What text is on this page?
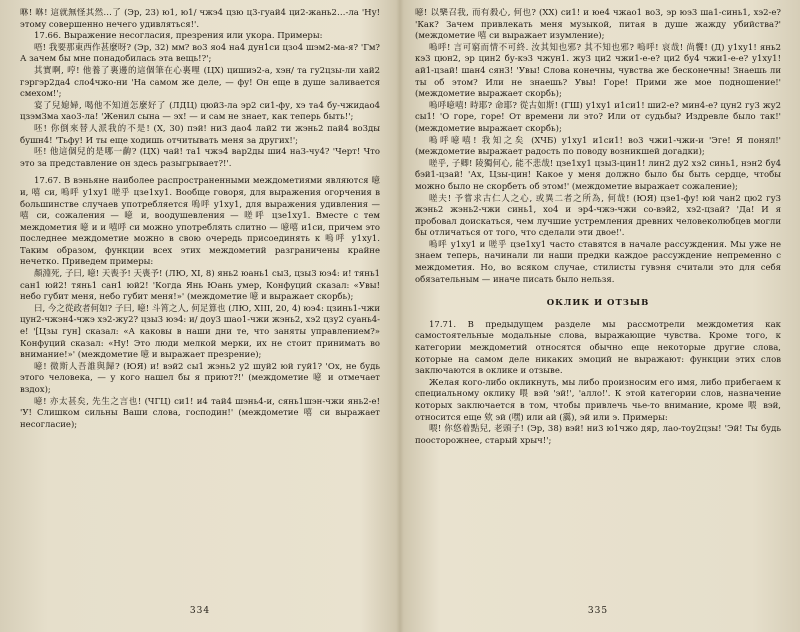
咻! 咻! 這就無怪其然…了 (Эр, 23) ю1, ю1/ чжэ4 цзю ц3-гуай4 ци2-жань2…-ла 'Ну! этому совершенно нечего удивляться!'.

17.66. Выражение несогласия, презрения или укора. Примеры:

唔! 我要那東西作甚麼呀? (Эр, 32) мм? во3 яо4 на4 дун1си цзо4 шэм2-ма-я? 'Гм? А зачем бы мне понадобилась эта вещь!?';

其實啊, 哼! 他養了裏邊的這個筆在心裏哩 (ЦХ) цишиэ2-а, хэн/ та гу2цзы-ли хай2 гэргэр2да4 сло4чжо-ни 'На самом же деле, — фу! Он еще в душе заливается смехом!';

宴了兒媳婦, 喝他不知道怎麼好了 (ЛДЦ) цюй3-ла эр2 си1-фу, хэ та4 бу-чжидао4 цзэм3ма хао3-ла! 'Женил сына — эх! — и сам не знает, как теперь быть!';

呸! 你倒來替人派我的不是! (Х, 30) пэй! ни3 дао4 лай2 ти жэнь2 пай4 во3ды бушн4! 'Тьфу! И ты еще ходишь отчитывать меня за других!';

呸! 他這個兒的是哪一齣? (ЦХ) чай! та1 чжэ4 вар2ды ши4 на3-чу4? 'Черт! Что это за представление он здесь разыгрывает?!'.

17.67. В вэньяне наиболее распространенными междометиями являются 噫 и, 嘻 си, 嗚呼 у1ху1 嗟乎 цзе1ху1. Вообще говоря, для выражения огорчения в большинстве случаев употребляется 嗚呼 у1ху1, для выражения удивления — 嘻 си, сожаления — 噫 и, воодушевления — 嗟呼 цзе1ху1. Вместе с тем междометия 噫 и и 嘻呼 си можно употреблять слитно — 噫嘻 и1си, причем это последнее междометие можно в свою очередь присоединять к 嗚呼 у1ху1. Таким образом, функции всех этих междометий разграничены крайне нечетко. Приведем примеры:

顏淵死, 子曰, 噫! 天喪予! 天喪予! (ЛЮ, XI, 8) янь2 юань1 сы3, цзы3 юэ4: и! тянь1 сан1 юй2! тянь1 сан1 юй2! 'Когда Янь Юань умер, Конфуций сказал: «Увы! небо губит меня, небо губит меня!»' (междометие 噫 и выражает скорбь);

曰, 今之從政者何如? 子曰, 噫! 斗筲之人, 何足算也 (ЛЮ, XIII, 20, 4) юэ4: цзинь1-чжи цун2-чжэн4-чжэ хэ2-жу2? цзы3 юэ4: и/ доу3 шао1-чжи жэнь2, хэ2 цзу2 суань4-е! '[Цзы гун] сказал: «А каковы в наши дни те, что заняты управлением?» Конфуций сказал: «Ну! Это люди мелкой мерки, их не стоит принимать во внимание!»' (междометие 噫 и выражает презрение);

噫! 微斯人吾誰與歸? (ЮЯ) и! вэй2 сы1 жэнь2 у2 шуй2 юй гуй1? 'Ох, не будь этого человека, — у кого нашел бы я приют?!' (междометие 噫 и отмечает вздох);

噫! 亦太甚矣, 先生之言也! (ЧГЦ) си1! и4 тай4 шэнь4-и, сянь1шэн-чжи янь2-е! 'У! Слишком сильны Ваши слова, господин!' (междометие 嘻 си выражает несогласие);

334

噫! 以樂召我, 而有殺心, 何也? (ХХ) си1! и юе4 чжао1 во3, эр юэ3 ша1-синь1, хэ2-е? 'Как? Зачем привлекать меня музыкой, питая в душе жажду убийства?' (междометие 嘻 си выражает изумление);

嗚呼! 言可窮而情不可終. 汝其知也邪? 其不知也邪? 嗚呼! 哀哉! 尚饗! (Д) у1ху1! янь2 кэ3 цюн2, эр цин2 бу-кэ3 чжун1. жу3 ци2 чжи1-е-е? ци2 бу4 чжи1-е-е? у1ху1! ай1-цзай! шан4 сян3! 'Увы! Слова конечны, чувства же бесконечны! Знаешь ли ты об этом? Или не знаешь? Увы! Горе! Прими же мое подношение!' (междометие выражает скорбь);

嗚呼噫嘻! 時耶? 命耶? 從古如斯! (ГШ) у1ху1 и1си1! ши2-е? мин4-е? цун2 гу3 жу2 сы1! 'О горе, горе! От времени ли это? Или от судьбы? Издревле было так!' (междометие выражает скорбь);

嗚呼噫嘻! 我知之矣 (ХЧБ) у1ху1 и1си1! во3 чжи1-чжи-и 'Эге! Я понял!' (междометие выражает радость по поводу возникшей догадки);

嗟乎, 子卿! 陵獨何心, 能不悲哉! цзе1ху1 цзы3-цин1! лин2 ду2 хэ2 синь1, нэн2 бу4 бэй1-цзай! 'Ах, Цзы-цин! Какое у меня должно было бы быть сердце, чтобы можно было не скорбеть об этом!' (междометие выражает сожаление);

嗟夫! 予嘗求古仁人之心, 或異二者之所為, 何哉! (ЮЯ) цзе1-фу! юй чан2 цю2 гу3 жэнь2 жэнь2-чжи синь1, хо4 и эр4-чжэ-чжи со-вэй2, хэ2-цзай? 'Да! И я пробовал доискаться, чем лучшие устремления древних человеколюбцев могли бы отличаться от того, что сделали эти двое!'.

嗚呼 у1ху1 и 嗟乎 цзе1ху1 часто ставятся в начале рассуждения. Мы уже не знаем теперь, начинали ли наши предки каждое рассуждение непременно с междометия. Но, во всяком случае, стилисты гувэня считали это для себя обязательным — иначе писать было нельзя.

ОКЛИК И ОТЗЫВ

17.71. В предыдущем разделе мы рассмотрели междометия как самостоятельные модальные слова, выражающие чувства. Кроме того, к категории междометий относятся обычно еще некоторые другие слова, которые на самом деле никаких эмоций не выражают: функции этих слов заключаются в оклике и отзыве.

Желая кого-либо окликнуть, мы либо произносим его имя, либо прибегаем к специальному оклику 喂 вэй 'эй!', 'алло!'. К этой категории слов, назначение которых заключается в том, чтобы привлечь чье-то внимание, кроме 喂 вэй, относится еще 欸 эй (嘿) или ай (靄), эй или э. Примеры:

喂! 你悠着點兒, 老頭子! (Эр, 38) вэй! ни3 ю1чжо дяр, лао-тоу2цзы! 'Эй! Ты будь поосторожнее, старый хрыч!';

335
